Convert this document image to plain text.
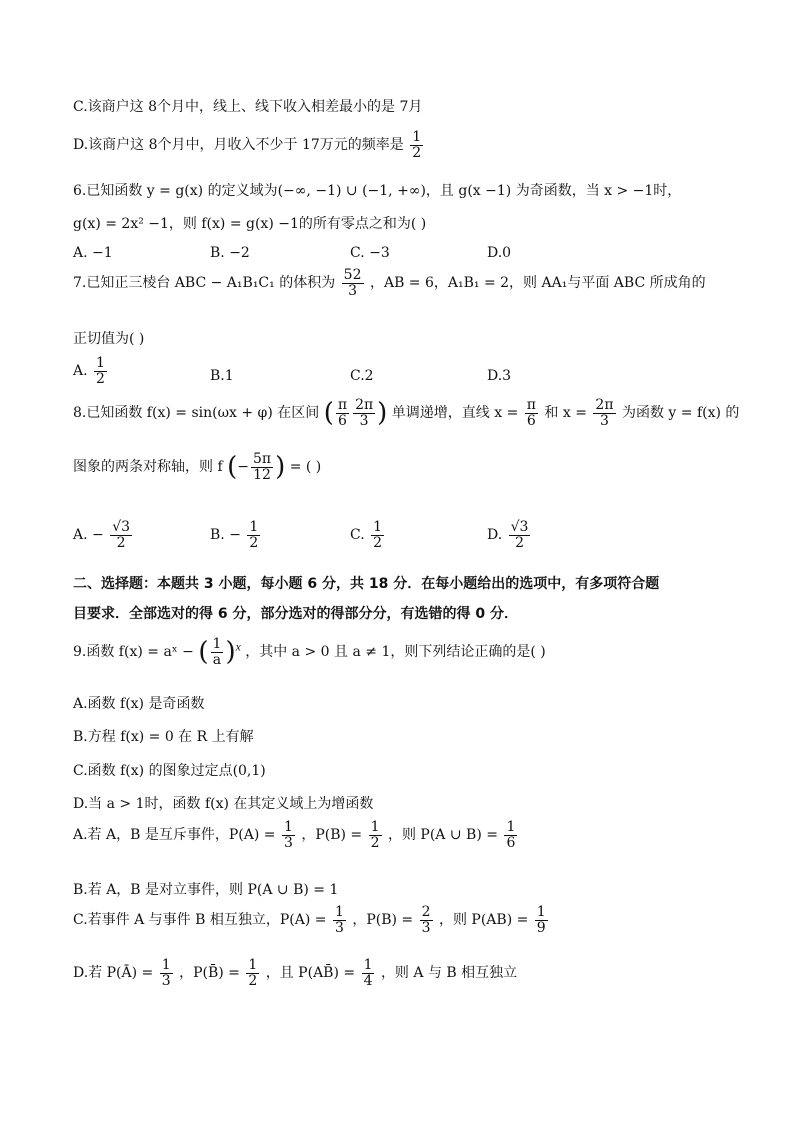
C.该商户这 8个月中，线上、线下收入相差最小的是 7月
D.该商户这 8个月中，月收入不少于 17万元的频率是 $\frac{1}{2}$
6.已知函数 y = g(x) 的定义域为(−∞, −1) ∪ (−1, +∞)，且 g(x −1) 为奇函数，当 x > −1时，
g(x) = 2x² −1，则 f(x) = g(x) −1的所有零点之和为( )
A. −1	B. −2	C. −3	D.0
7.已知正三棱台 ABC − A₁B₁C₁ 的体积为 $\frac{52}{3}$ ，AB = 6，A₁B₁ = 2，则 AA₁与平面 ABC 所成角的
正切值为( )
A. $\frac{1}{2}$	B.1	C.2	D.3
8.已知函数 f(x) = sin(ωx + φ) 在区间 ( $\frac{\pi}{6} \frac{2\pi}{3}$ ) 单调递增，直线 $x = \frac{\pi}{6}$ 和 $x = \frac{2\pi}{3}$ 为函数 y = f(x) 的
图象的两条对称轴，则 f (− $\frac{5\pi}{12}$ ) = ( )
A. − $\frac{√3}{2}$	B. − $\frac{1}{2}$	C. $\frac{1}{2}$	D. $\frac{√3}{2}$
二、选择题：本题共 3 小题，每小题 6 分，共 18 分．在每小题给出的选项中，有多项符合题
目要求．全部选对的得 6 分，部分选对的得部分分，有选错的得 0 分．
9.函数 f(x) = aˣ − ( $\frac{1}{a} )^x$ ，其中 a > 0 且 a ≠ 1，则下列结论正确的是( )
A.函数 f(x) 是奇函数
B.方程 f(x) = 0 在 R 上有解
C.函数 f(x) 的图象过定点(0,1)
D.当 a > 1时，函数 f(x) 在其定义域上为增函数
A.若 A，B 是互斥事件，$P(A) = \frac{1}{3}$ ，$P(B) = \frac{1}{2}$ ，则 P(A ∪ $B) = \frac{1}{6}$
B.若 A，B 是对立事件，则 P(A ∪ B) = 1
C.若事件 A 与事件 B 相互独立，$P(A) = \frac{1}{3}$ ，$P(B) = \frac{2}{3}$ ，则 $P(AB) = \frac{1}{9}$
D.若 P(Ā) = $\frac{1}{3}$ ，P(B̄) = $\frac{1}{2}$ ，且 P(AB̄) = $\frac{1}{4}$ ，则 A 与 B 相互独立
